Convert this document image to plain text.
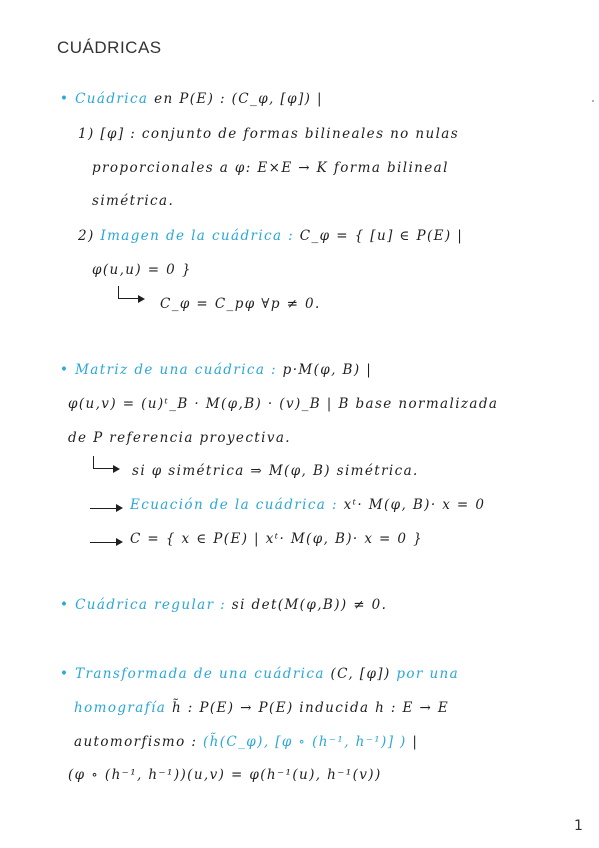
CUÁDRICAS
• Cuádrica en P(E) : (C_φ, [φ]) |
1) [φ] : conjunto de formas bilineales no nulas
proporcionales a φ: E×E → K forma bilineal
simétrica.
2) Imagen de la cuádrica : C_φ = { [u] ∈ P(E) |
φ(u,u) = 0 }
C_φ = C_pφ ∀p ≠ 0.
• Matriz de una cuádrica : p·M(φ, B) |
φ(u,v) = (u)ᵗ_B · M(φ,B) · (v)_B | B base normalizada
de P referencia proyectiva.
si φ simétrica ⇒ M(φ, B) simétrica.
Ecuación de la cuádrica : xᵗ· M(φ, B)· x = 0
C = { x ∈ P(E) | xᵗ· M(φ, B)· x = 0 }
• Cuádrica regular : si det(M(φ,B)) ≠ 0.
• Transformada de una cuádrica (C, [φ]) por una
homografía h̃ : P(E) → P(E) inducida h : E → E
automorfismo : (h̃(C_φ), [φ ∘ (h⁻¹, h⁻¹)] ) |
(φ ∘ (h⁻¹, h⁻¹))(u,v) = φ(h⁻¹(u), h⁻¹(v))
1
